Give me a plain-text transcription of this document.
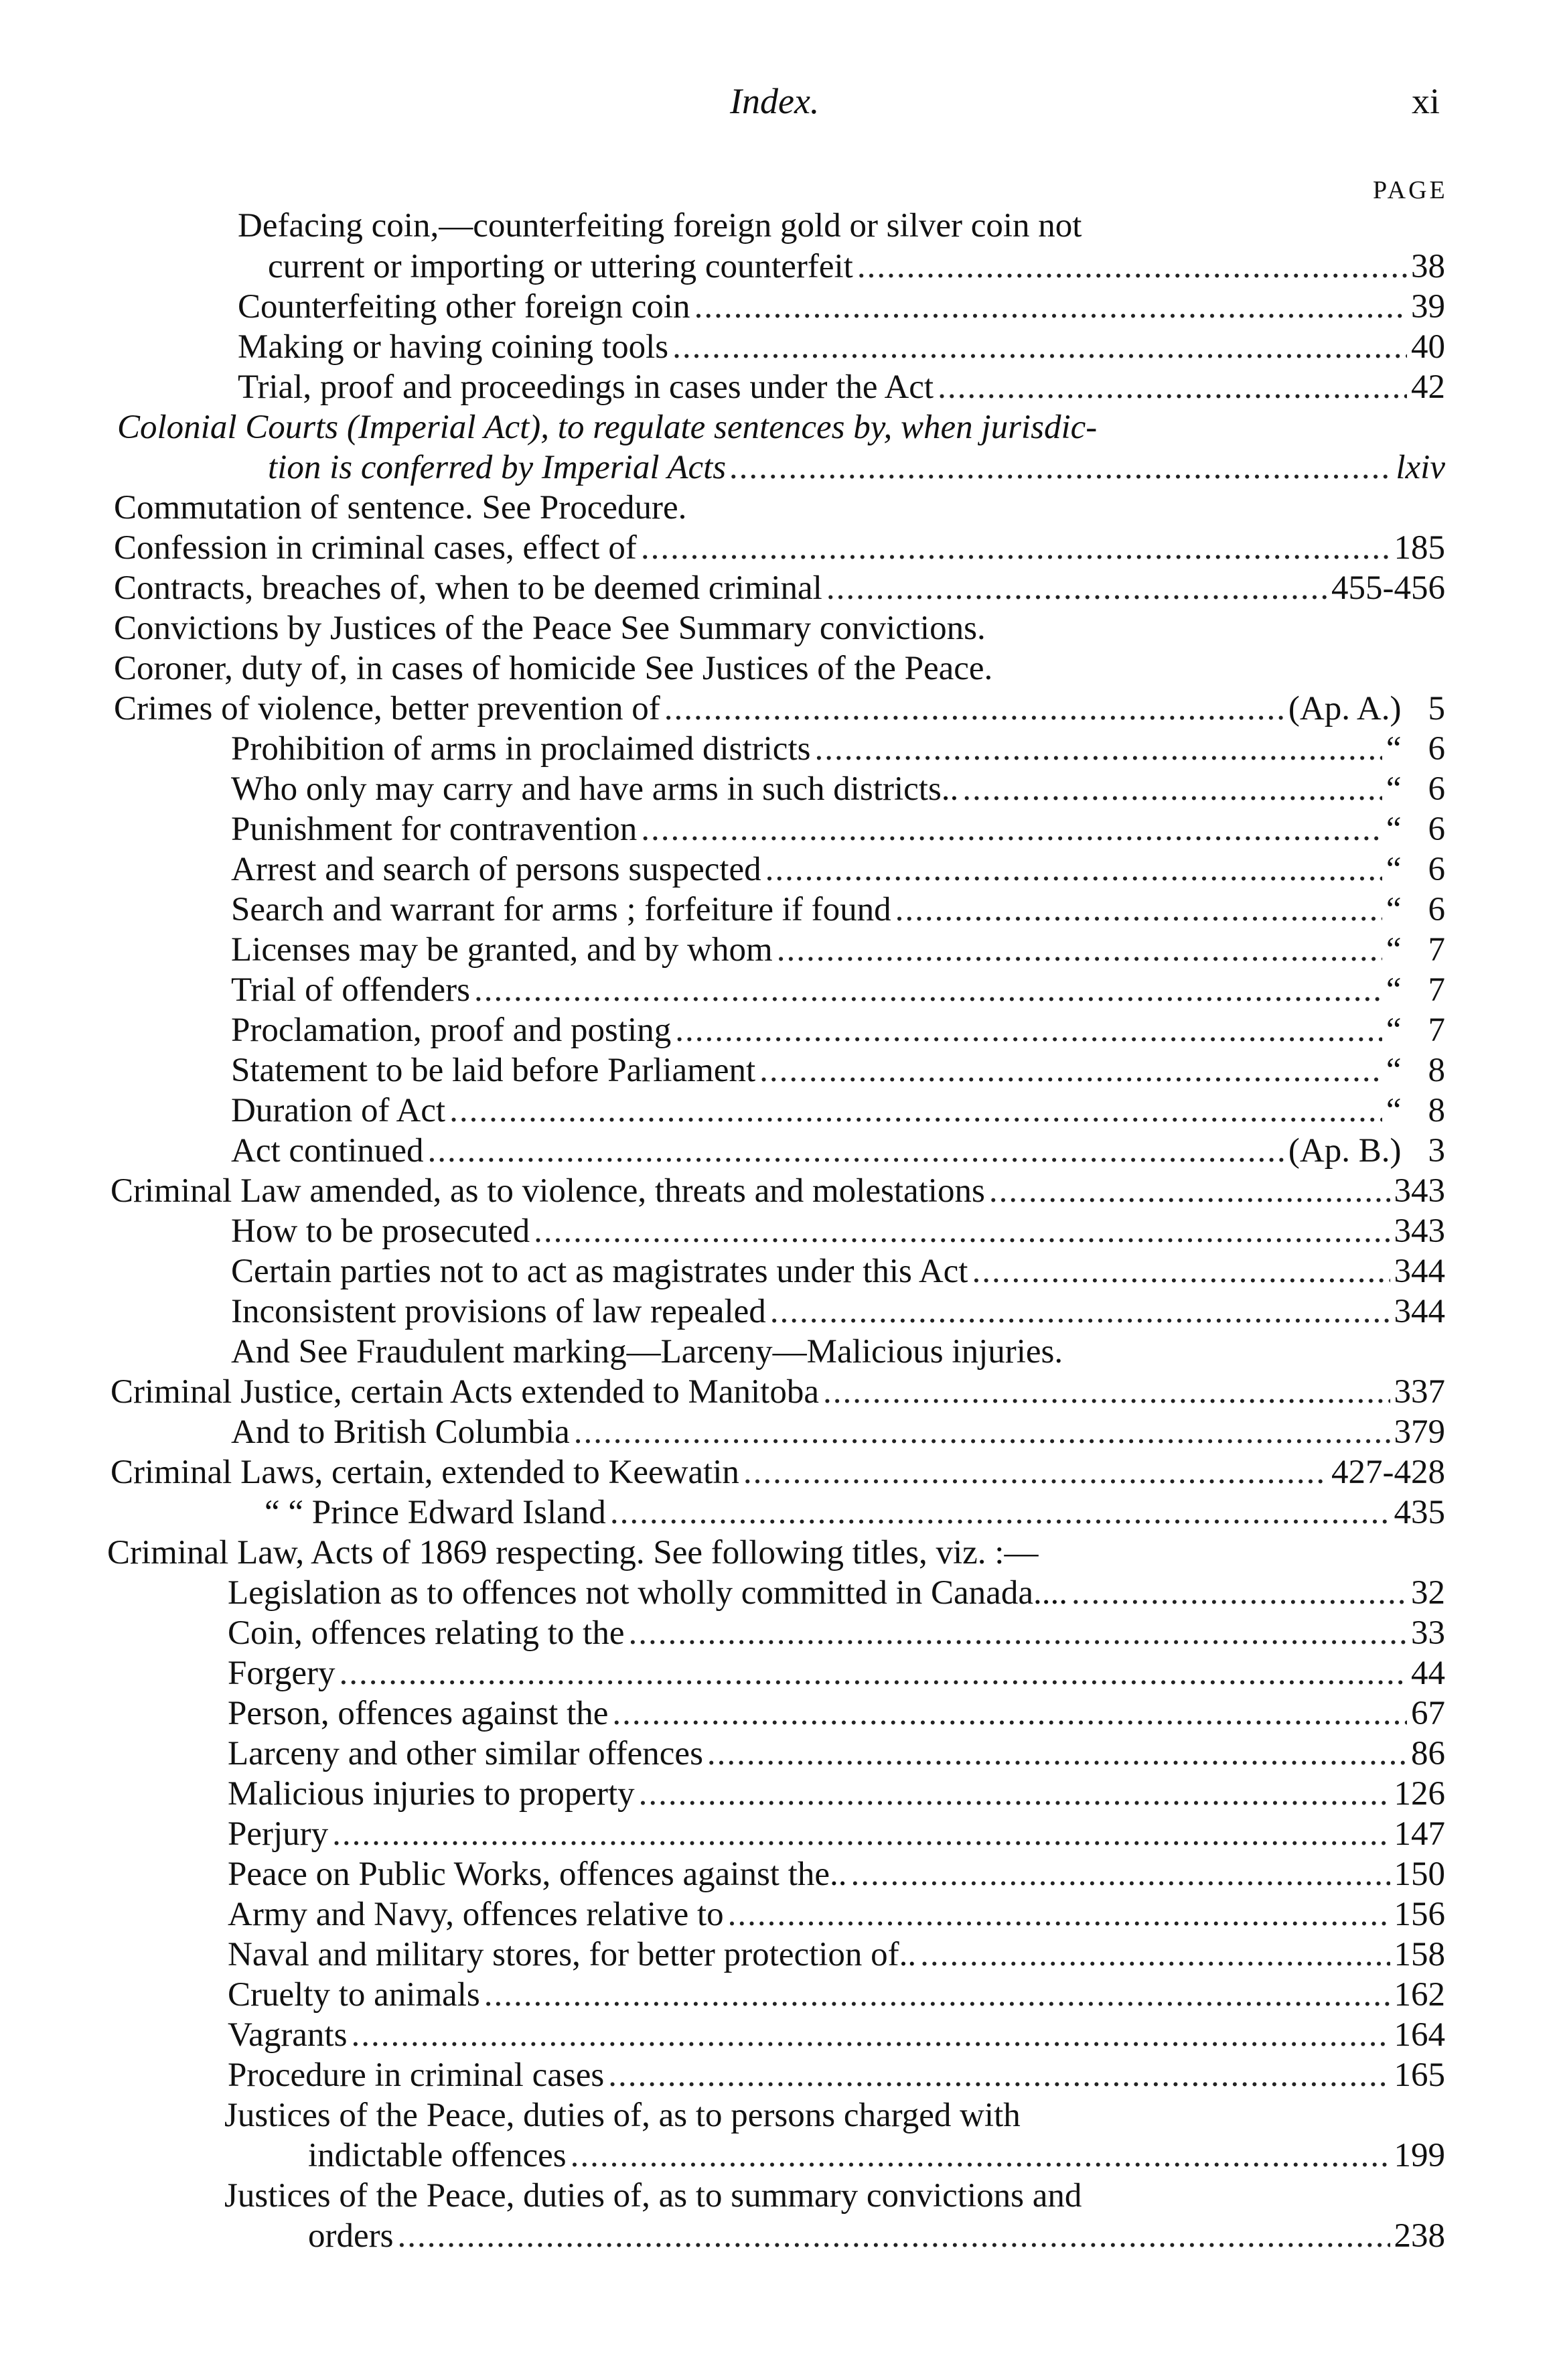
Index.	xi
PAGE
Defacing coin,—counterfeiting foreign gold or silver coin not
current or importing or uttering counterfeit .....	38
Counterfeiting other foreign coin .....	39
Making or having coining tools .....	40
Trial, proof and proceedings in cases under the Act .....	42
Colonial Courts (Imperial Act), to regulate sentences by, when jurisdic-
tion is conferred by Imperial Acts .....	lxiv
Commutation of sentence. See Procedure.
Confession in criminal cases, effect of .....	185
Contracts, breaches of, when to be deemed criminal .....	455-456
Convictions by Justices of the Peace See Summary convictions.
Coroner, duty of, in cases of homicide See Justices of the Peace.
Crimes of violence, better prevention of .....	(Ap. A.) 5
Prohibition of arms in proclaimed districts .....	“ 6
Who only may carry and have arms in such districts.. .....	“ 6
Punishment for contravention .....	“ 6
Arrest and search of persons suspected .....	“ 6
Search and warrant for arms ; forfeiture if found .....	“ 6
Licenses may be granted, and by whom .....	“ 7
Trial of offenders .....	“ 7
Proclamation, proof and posting .....	“ 7
Statement to be laid before Parliament .....	“ 8
Duration of Act .....	“ 8
Act continued .....	(Ap. B.) 3
Criminal Law amended, as to violence, threats and molestations .....	343
How to be prosecuted .....	343
Certain parties not to act as magistrates under this Act .....	344
Inconsistent provisions of law repealed .....	344
And See Fraudulent marking—Larceny—Malicious injuries.
Criminal Justice, certain Acts extended to Manitoba .....	337
And to British Columbia .....	379
Criminal Laws, certain, extended to Keewatin .....	427-428
“ “ Prince Edward Island .....	435
Criminal Law, Acts of 1869 respecting. See following titles, viz. :—
Legislation as to offences not wholly committed in Canada.... .....	32
Coin, offences relating to the .....	33
Forgery .....	44
Person, offences against the .....	67
Larceny and other similar offences .....	86
Malicious injuries to property .....	126
Perjury .....	147
Peace on Public Works, offences against the.. .....	150
Army and Navy, offences relative to .....	156
Naval and military stores, for better protection of.. .....	158
Cruelty to animals .....	162
Vagrants .....	164
Procedure in criminal cases .....	165
Justices of the Peace, duties of, as to persons charged with
indictable offences .....	199
Justices of the Peace, duties of, as to summary convictions and
orders .....	238
